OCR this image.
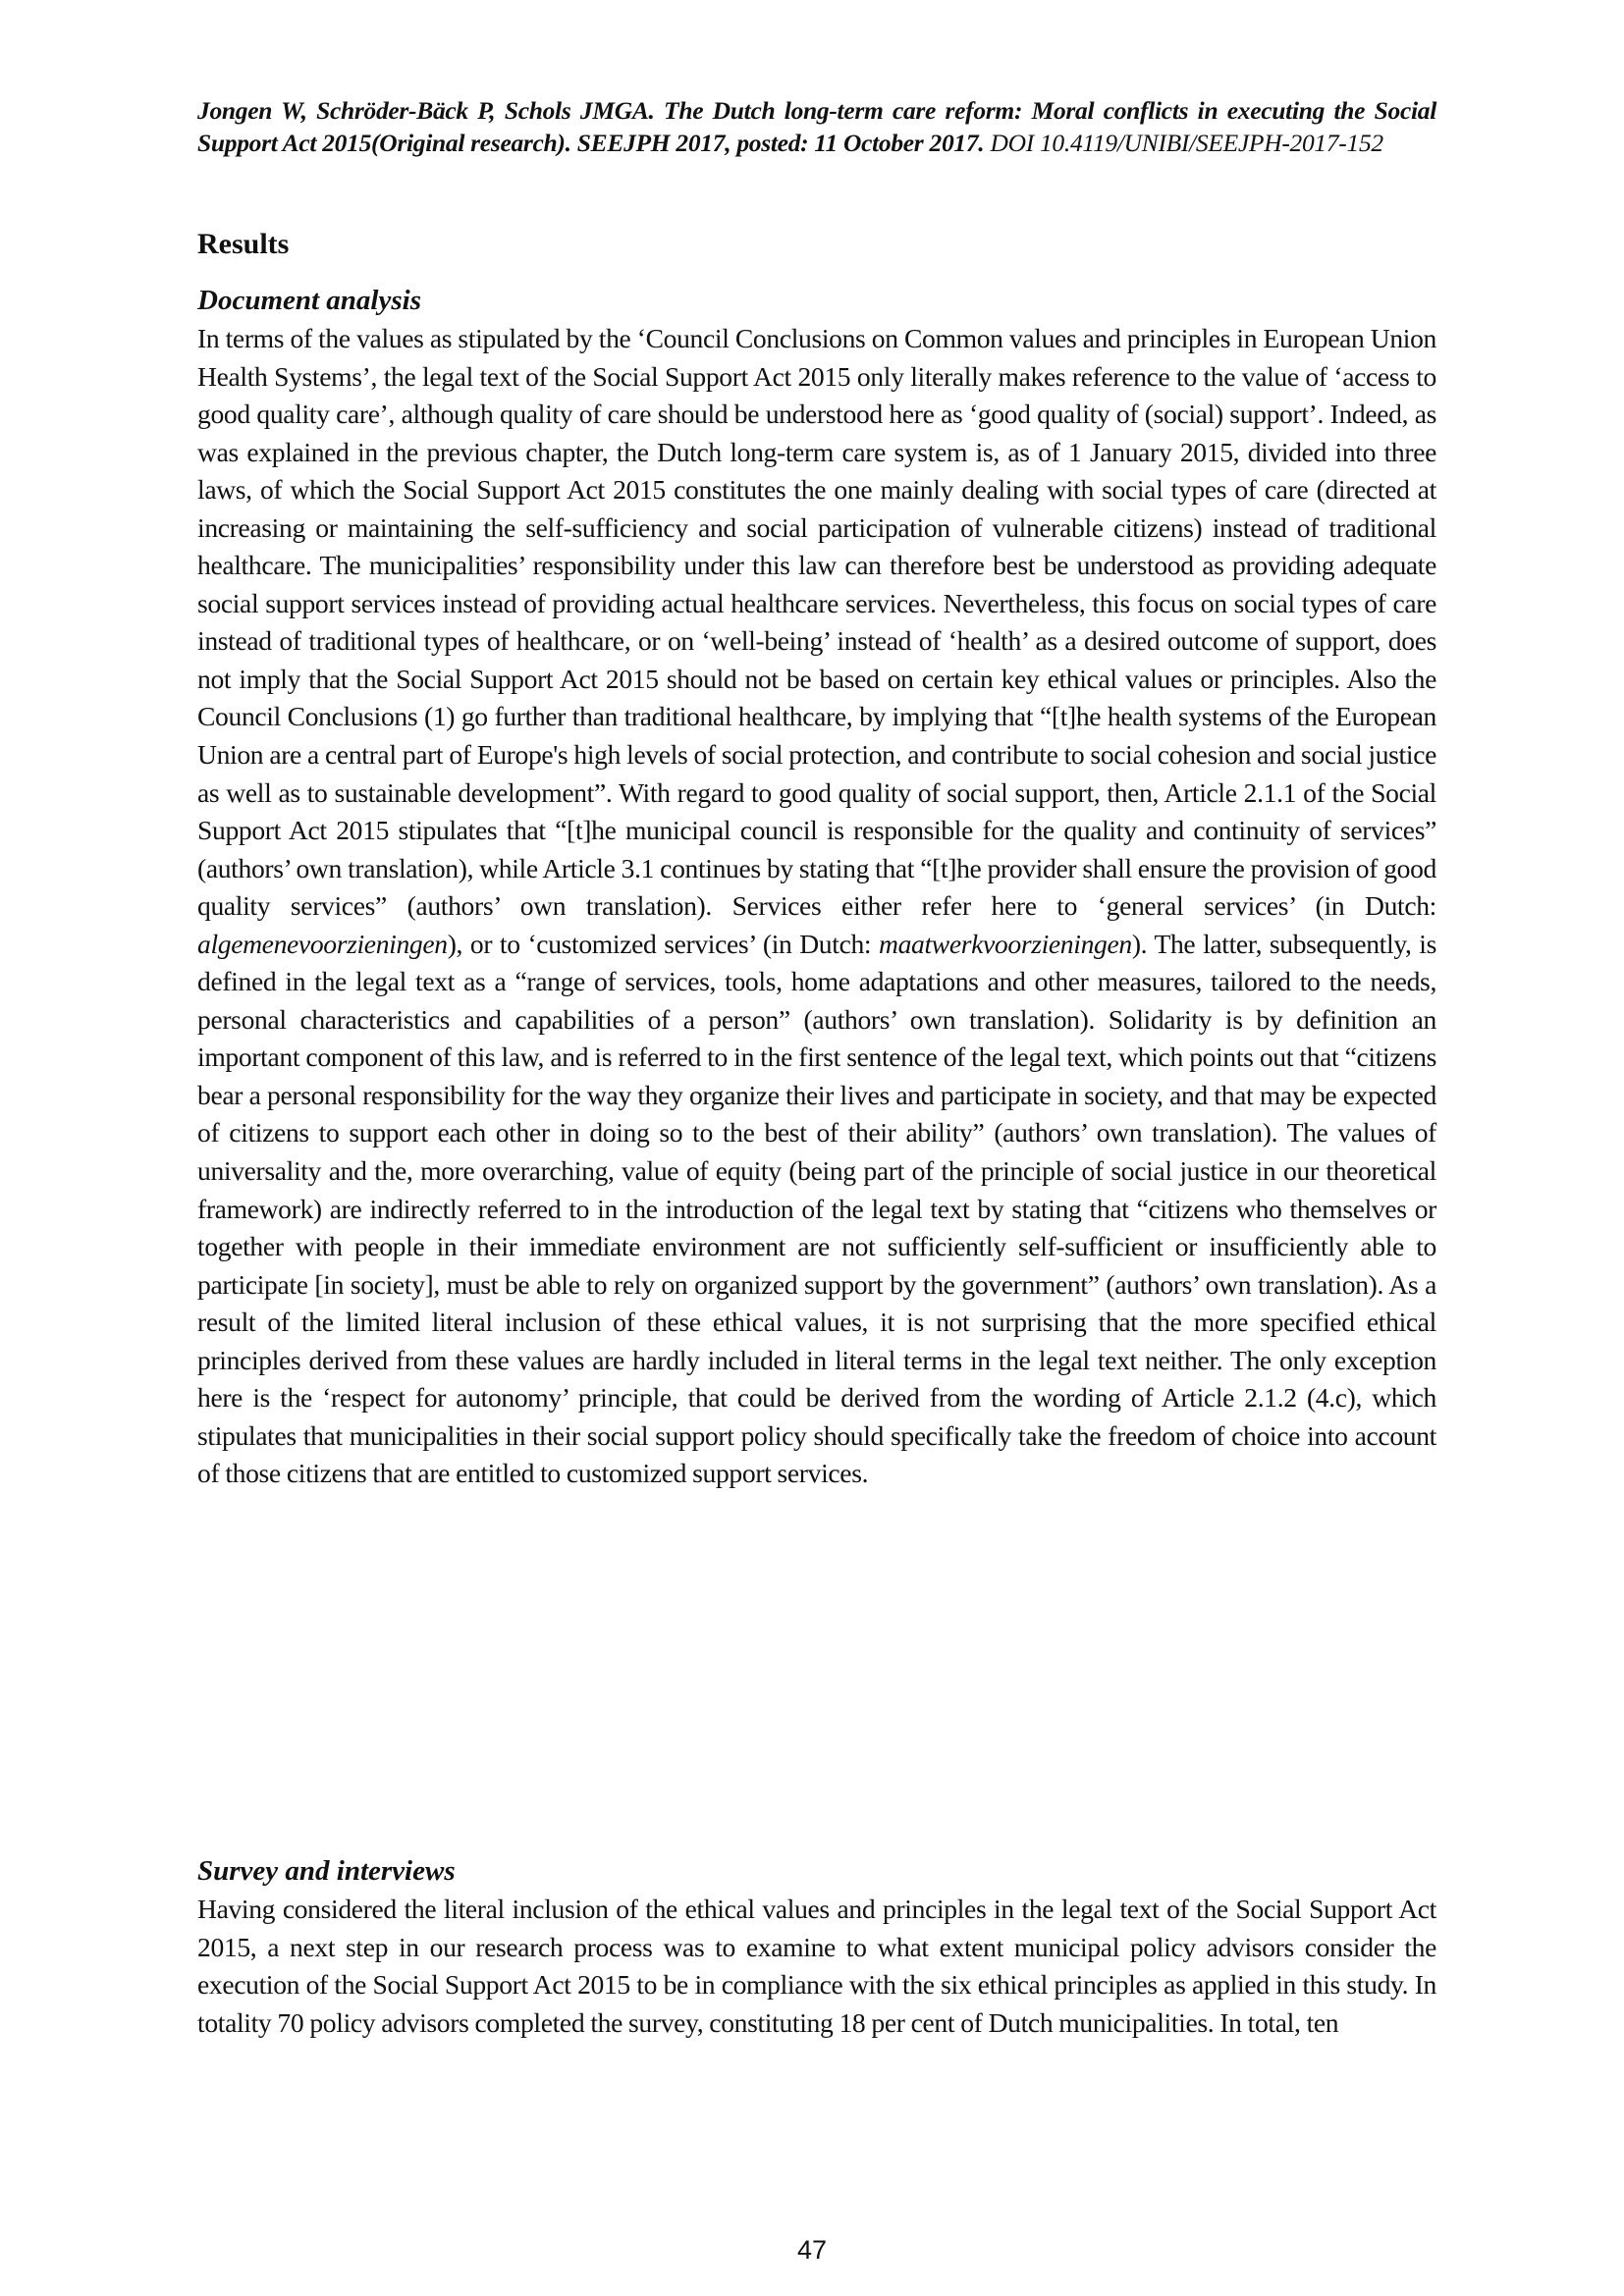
Jongen W, Schröder-Bäck P, Schols JMGA. The Dutch long-term care reform: Moral conflicts in executing the Social Support Act 2015(Original research). SEEJPH 2017, posted: 11 October 2017. DOI 10.4119/UNIBI/SEEJPH-2017-152
Results
Document analysis

In terms of the values as stipulated by the ‘Council Conclusions on Common values and principles in European Union Health Systems’, the legal text of the Social Support Act 2015 only literally makes reference to the value of ‘access to good quality care’, although quality of care should be understood here as ‘good quality of (social) support’. Indeed, as was explained in the previous chapter, the Dutch long-term care system is, as of 1 January 2015, divided into three laws, of which the Social Support Act 2015 constitutes the one mainly dealing with social types of care (directed at increasing or maintaining the self-sufficiency and social participation of vulnerable citizens) instead of traditional healthcare. The municipalities’ responsibility under this law can therefore best be understood as providing adequate social support services instead of providing actual healthcare services. Nevertheless, this focus on social types of care instead of traditional types of healthcare, or on ‘well-being’ instead of ‘health’ as a desired outcome of support, does not imply that the Social Support Act 2015 should not be based on certain key ethical values or principles. Also the Council Conclusions (1) go further than traditional healthcare, by implying that “[t]he health systems of the European Union are a central part of Europe's high levels of social protection, and contribute to social cohesion and social justice as well as to sustainable development”. With regard to good quality of social support, then, Article 2.1.1 of the Social Support Act 2015 stipulates that “[t]he municipal council is responsible for the quality and continuity of services” (authors’ own translation), while Article 3.1 continues by stating that “[t]he provider shall ensure the provision of good quality services” (authors’ own translation). Services either refer here to ‘general services’ (in Dutch: algemenevoorzieningen), or to ‘customized services’ (in Dutch: maatwerkvoorzieningen). The latter, subsequently, is defined in the legal text as a “range of services, tools, home adaptations and other measures, tailored to the needs, personal characteristics and capabilities of a person” (authors’ own translation). Solidarity is by definition an important component of this law, and is referred to in the first sentence of the legal text, which points out that “citizens bear a personal responsibility for the way they organize their lives and participate in society, and that may be expected of citizens to support each other in doing so to the best of their ability” (authors’ own translation). The values of universality and the, more overarching, value of equity (being part of the principle of social justice in our theoretical framework) are indirectly referred to in the introduction of the legal text by stating that “citizens who themselves or together with people in their immediate environment are not sufficiently self-sufficient or insufficiently able to participate [in society], must be able to rely on organized support by the government” (authors’ own translation). As a result of the limited literal inclusion of these ethical values, it is not surprising that the more specified ethical principles derived from these values are hardly included in literal terms in the legal text neither. The only exception here is the ‘respect for autonomy’ principle, that could be derived from the wording of Article 2.1.2 (4.c), which stipulates that municipalities in their social support policy should specifically take the freedom of choice into account of those citizens that are entitled to customized support services.

Survey and interviews

Having considered the literal inclusion of the ethical values and principles in the legal text of the Social Support Act 2015, a next step in our research process was to examine to what extent municipal policy advisors consider the execution of the Social Support Act 2015 to be in compliance with the six ethical principles as applied in this study. In totality 70 policy advisors completed the survey, constituting 18 per cent of Dutch municipalities. In total, ten

47
